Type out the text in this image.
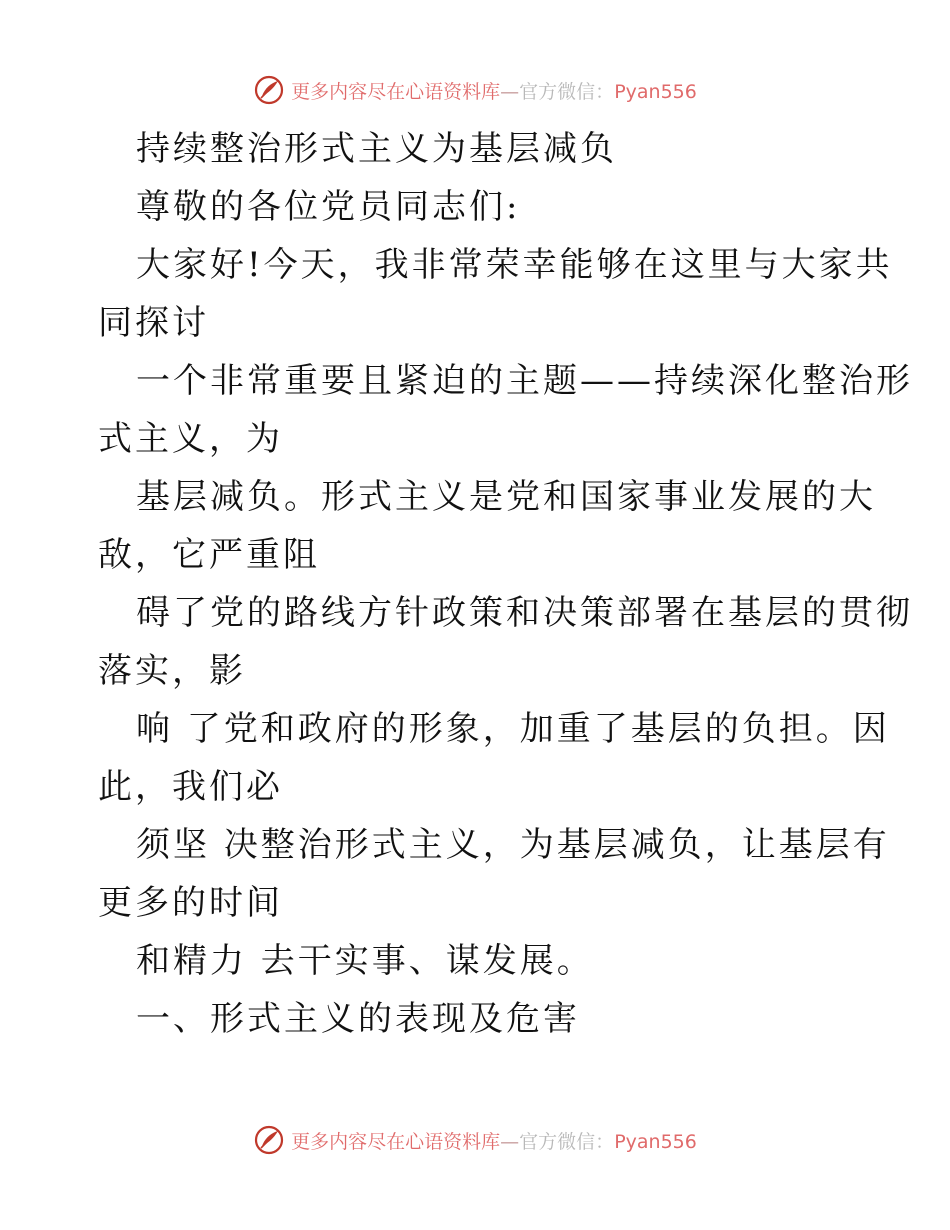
更多内容尽在心语资料库—官方微信：Pyan556
持续整治形式主义为基层减负
尊敬的各位党员同志们:
大家好!今天，我非常荣幸能够在这里与大家共
同探讨
一个非常重要且紧迫的主题——持续深化整治形
式主义，为
基层减负。形式主义是党和国家事业发展的大
敌，它严重阻
碍了党的路线方针政策和决策部署在基层的贯彻
落实，影
响 了党和政府的形象，加重了基层的负担。因
此，我们必
须坚 决整治形式主义，为基层减负，让基层有
更多的时间
和精力 去干实事、谋发展。
一、形式主义的表现及危害
更多内容尽在心语资料库—官方微信：Pyan556
